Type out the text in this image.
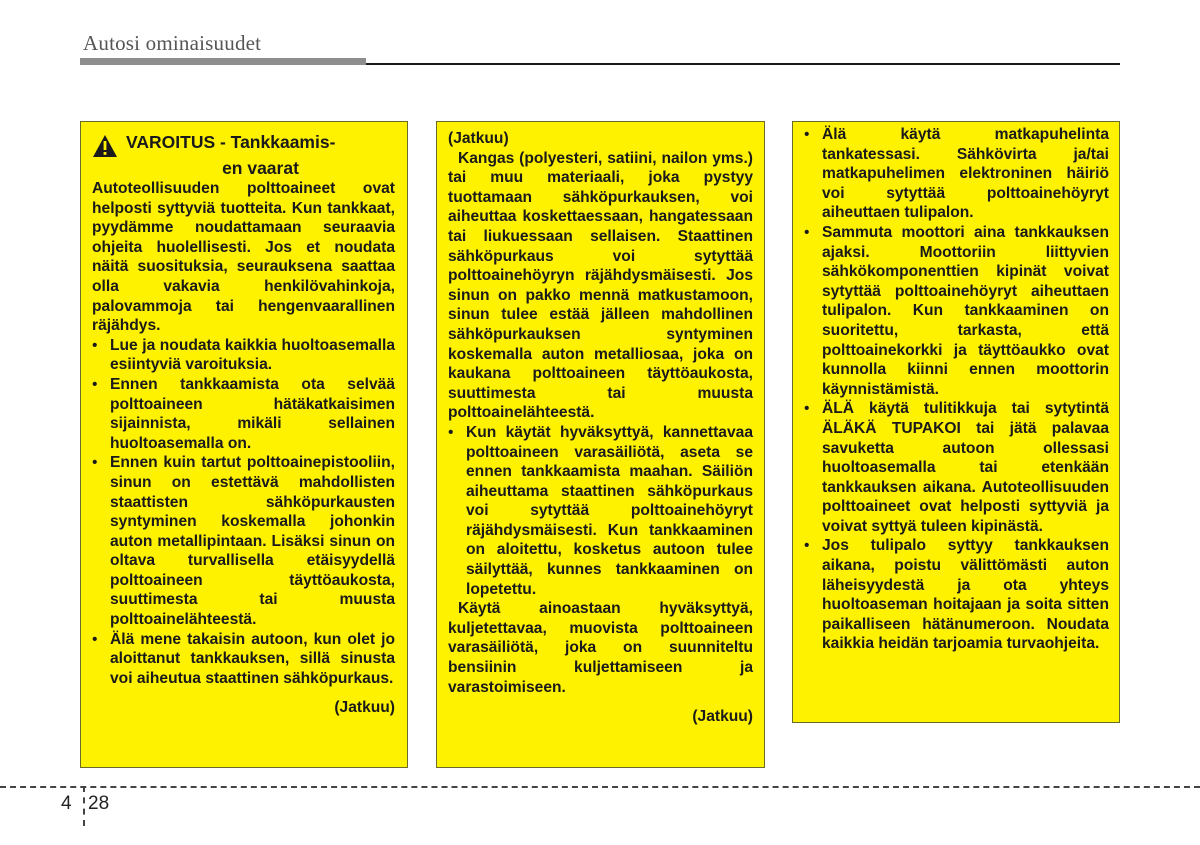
Autosi ominaisuudet
VAROITUS - Tankkaamis-
en vaarat

Autoteollisuuden polttoaineet ovat helposti syttyviä tuotteita. Kun tankkaat, pyydämme noudattamaan seuraavia ohjeita huolellisesti. Jos et noudata näitä suosituksia, seurauksena saattaa olla vakavia henkilövahinkoja, palovammoja tai hengenvaarallinen räjähdys.

• Lue ja noudata kaikkia huoltoasemalla esiintyviä varoituksia.
• Ennen tankkaamista ota selvää polttoaineen hätäkatkaisimen sijainnista, mikäli sellainen huoltoasemalla on.
• Ennen kuin tartut polttoainepistooliin, sinun on estettävä mahdollisten staattisten sähköpurkausten syntyminen koskemalla johonkin auton metallipintaan. Lisäksi sinun on oltava turvallisella etäisyydellä polttoaineen täyttöaukosta, suuttimesta tai muusta polttoainelähteestä.
• Älä mene takaisin autoon, kun olet jo aloittanut tankkauksen, sillä sinusta voi aiheutua staattinen sähköpurkaus.
(Jatkuu)
(Jatkuu)

Kangas (polyesteri, satiini, nailon yms.) tai muu materiaali, joka pystyy tuottamaan sähköpurkauksen, voi aiheuttaa koskettaessaan, hangatessaan tai liukuessaan sellaisen. Staattinen sähköpurkaus voi sytyttää polttoainehöyryn räjähdysmäisesti. Jos sinun on pakko mennä matkustamoon, sinun tulee estää jälleen mahdollinen sähköpurkauksen syntyminen koskemalla auton metalliosaa, joka on kaukana polttoaineen täyttöaukosta, suuttimesta tai muusta polttoainelähteestä.

• Kun käytät hyväksyttyä, kannettavaa polttoaineen varasäiliötä, aseta se ennen tankkaamista maahan. Säiliön aiheuttama staattinen sähköpurkaus voi sytyttää polttoainehöyryt räjähdysmäisesti. Kun tankkaaminen on aloitettu, kosketus autoon tulee säilyttää, kunnes tankkaaminen on lopetettu.

Käytä ainoastaan hyväksyttyä, kuljetettavaa, muovista polttoaineen varasäiliötä, joka on suunniteltu bensiinin kuljettamiseen ja varastoimiseen.

(Jatkuu)
• Älä käytä matkapuhelinta tankatessasi. Sähkövirta ja/tai matkapuhelimen elektroninen häiriö voi sytyttää polttoainehöyryt aiheuttaen tulipalon.
• Sammuta moottori aina tankkauksen ajaksi. Moottoriin liittyvien sähkökomponenttien kipinät voivat sytyttää polttoainehöyryt aiheuttaen tulipalon. Kun tankkaaminen on suoritettu, tarkasta, että polttoainekorkki ja täyttöaukko ovat kunnolla kiinni ennen moottorin käynnistämistä.
• ÄLÄ käytä tulitikkuja tai sytytintä ÄLÄKÄ TUPAKOI tai jätä palavaa savuketta autoon ollessasi huoltoasemalla tai etenkään tankkauksen aikana. Autoteollisuuden polttoaineet ovat helposti syttyviä ja voivat syttyä tuleen kipinästä.
• Jos tulipalo syttyy tankkauksen aikana, poistu välittömästi auton läheisyydestä ja ota yhteys huoltoaseman hoitajaan ja soita sitten paikalliseen hätänumeroon. Noudata kaikkia heidän tarjoamia turvaohjeita.
4 28
